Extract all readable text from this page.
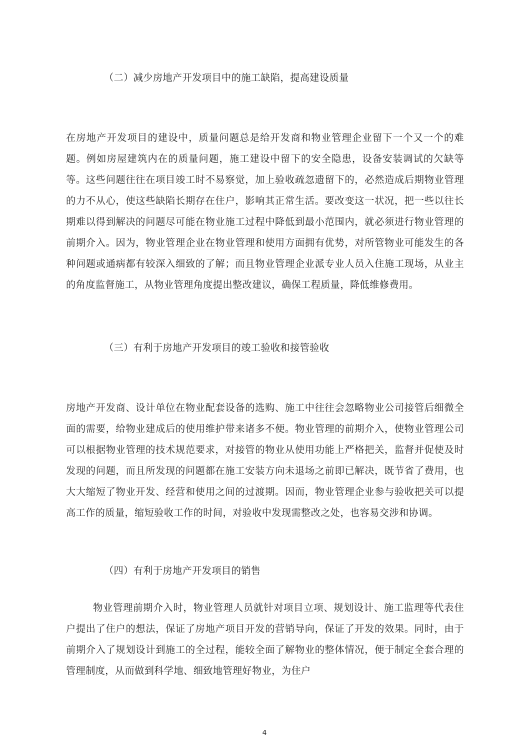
（二）减少房地产开发项目中的施工缺陷，提高建设质量
在房地产开发项目的建设中，质量问题总是给开发商和物业管理企业留下一个又一个的难题。例如房屋建筑内在的质量问题，施工建设中留下的安全隐患，设备安装调试的欠缺等等。这些问题往往在项目竣工时不易察觉，加上验收疏忽遗留下的，必然造成后期物业管理的力不从心，使这些缺陷长期存在住户，影响其正常生活。要改变这一状况，把一些以往长期难以得到解决的问题尽可能在物业施工过程中降低到最小范围内，就必须进行物业管理的前期介入。因为，物业管理企业在物业管理和使用方面拥有优势，对所管物业可能发生的各种问题或通病都有较深入细致的了解；而且物业管理企业派专业人员入住施工现场，从业主的角度监督施工，从物业管理角度提出整改建议，确保工程质量，降低维修费用。
（三）有利于房地产开发项目的竣工验收和接管验收
房地产开发商、设计单位在物业配套设备的选购、施工中往往会忽略物业公司接管后细微全面的需要，给物业建成后的使用维护带来诸多不便。物业管理的前期介入，使物业管理公司可以根据物业管理的技术规范要求，对接管的物业从使用功能上严格把关，监督并促使及时发现的问题，而且所发现的问题都在施工安装方向未退场之前即已解决，既节省了费用，也大大缩短了物业开发、经营和使用之间的过渡期。因而，物业管理企业参与验收把关可以提高工作的质量，缩短验收工作的时间，对验收中发现需整改之处，也容易交涉和协调。
（四）有利于房地产开发项目的销售
物业管理前期介入时，物业管理人员就针对项目立项、规划设计、施工监理等代表住户提出了住户的想法，保证了房地产项目开发的营销导向，保证了开发的效果。同时，由于前期介入了规划设计到施工的全过程，能较全面了解物业的整体情况，便于制定全套合理的管理制度，从而做到科学地、细致地管理好物业，为住户
4
